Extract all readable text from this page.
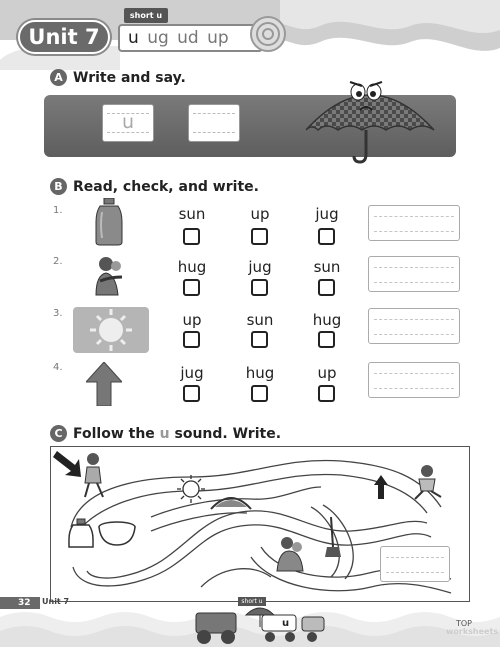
Unit 7
short u
u ug ud up
A Write and say.
u
B Read, check, and write.
1.	sun	up	jug
2.	hug	jug	sun
3.	up	sun	hug
4.	jug	hug	up
C Follow the u sound. Write.
short u
u
32	Unit 7
TOP
worksheets
